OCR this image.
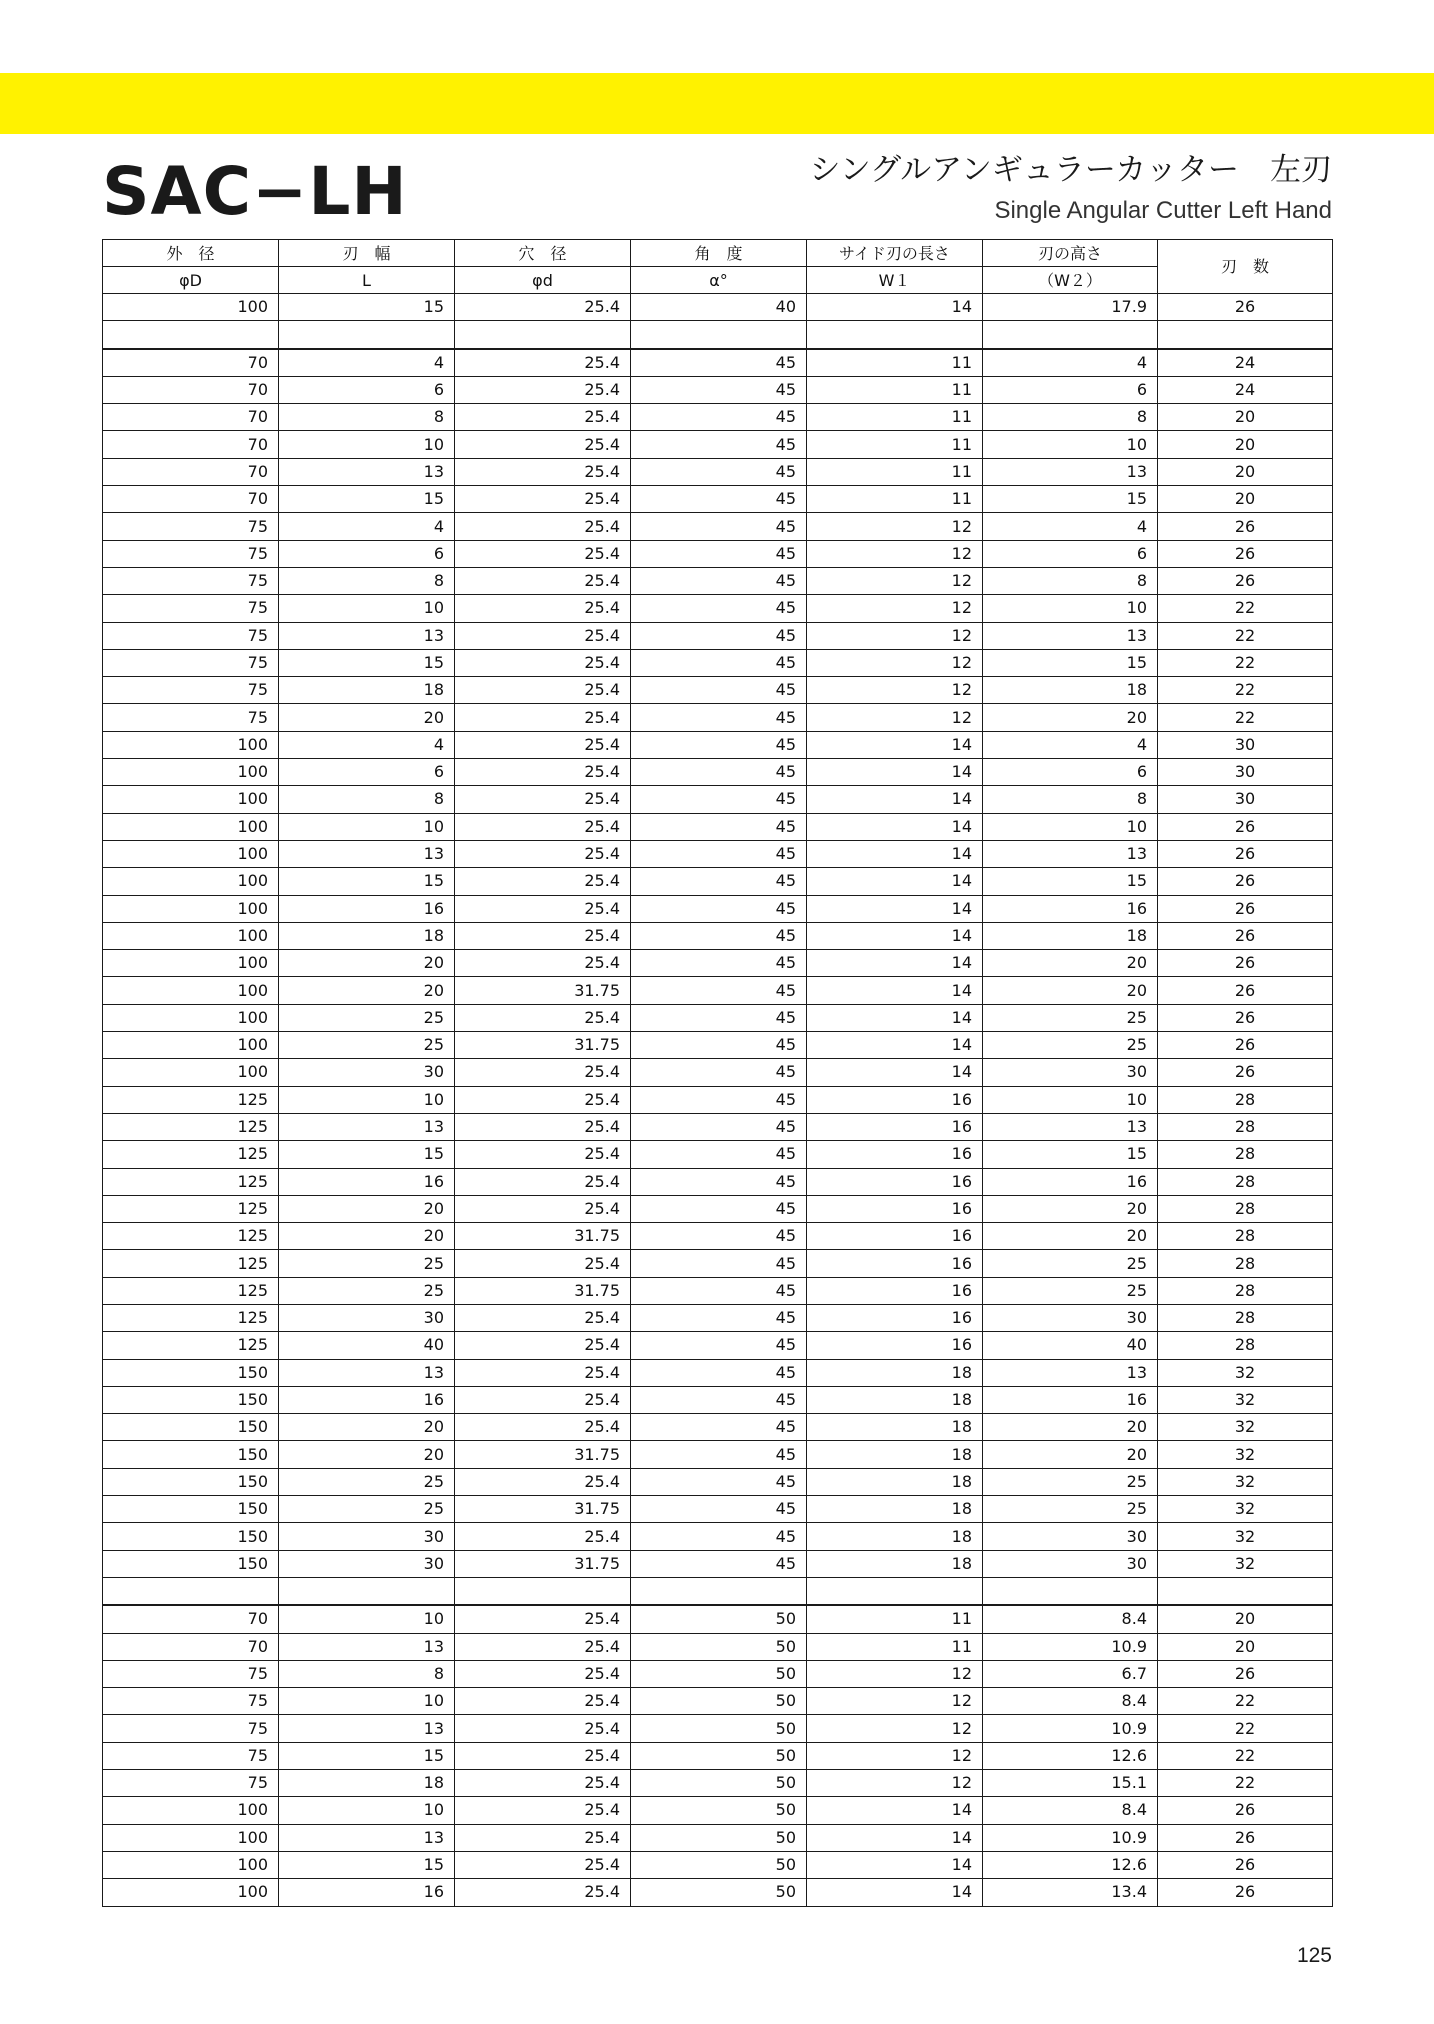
SAC−LH	シングルアンギュラーカッター　左刃

Single Angular Cutter Left Hand

外　径	刃　幅	穴　径	角　度	サイド刃の長さ	刃の高さ	刃　数
φD	L	φd	α°	W１	（W２）	
100	15	25.4	40	14	17.9	26

70	4	25.4	45	11	4	24
70	6	25.4	45	11	6	24
70	8	25.4	45	11	8	20
70	10	25.4	45	11	10	20
70	13	25.4	45	11	13	20
70	15	25.4	45	11	15	20
75	4	25.4	45	12	4	26
75	6	25.4	45	12	6	26
75	8	25.4	45	12	8	26
75	10	25.4	45	12	10	22
75	13	25.4	45	12	13	22
75	15	25.4	45	12	15	22
75	18	25.4	45	12	18	22
75	20	25.4	45	12	20	22
100	4	25.4	45	14	4	30
100	6	25.4	45	14	6	30
100	8	25.4	45	14	8	30
100	10	25.4	45	14	10	26
100	13	25.4	45	14	13	26
100	15	25.4	45	14	15	26
100	16	25.4	45	14	16	26
100	18	25.4	45	14	18	26
100	20	25.4	45	14	20	26
100	20	31.75	45	14	20	26
100	25	25.4	45	14	25	26
100	25	31.75	45	14	25	26
100	30	25.4	45	14	30	26
125	10	25.4	45	16	10	28
125	13	25.4	45	16	13	28
125	15	25.4	45	16	15	28
125	16	25.4	45	16	16	28
125	20	25.4	45	16	20	28
125	20	31.75	45	16	20	28
125	25	25.4	45	16	25	28
125	25	31.75	45	16	25	28
125	30	25.4	45	16	30	28
125	40	25.4	45	16	40	28
150	13	25.4	45	18	13	32
150	16	25.4	45	18	16	32
150	20	25.4	45	18	20	32
150	20	31.75	45	18	20	32
150	25	25.4	45	18	25	32
150	25	31.75	45	18	25	32
150	30	25.4	45	18	30	32
150	30	31.75	45	18	30	32

70	10	25.4	50	11	8.4	20
70	13	25.4	50	11	10.9	20
75	8	25.4	50	12	6.7	26
75	10	25.4	50	12	8.4	22
75	13	25.4	50	12	10.9	22
75	15	25.4	50	12	12.6	22
75	18	25.4	50	12	15.1	22
100	10	25.4	50	14	8.4	26
100	13	25.4	50	14	10.9	26
100	15	25.4	50	14	12.6	26
100	16	25.4	50	14	13.4	26

125
